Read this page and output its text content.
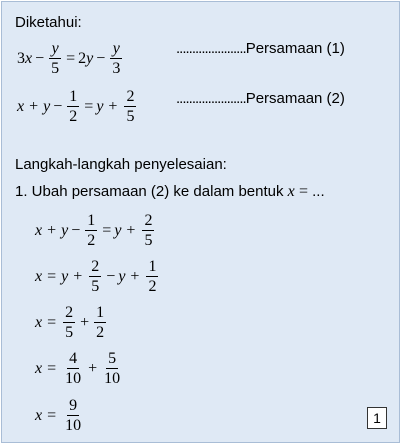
Diketahui:
3 $x - \frac{y}{5} = 2$ $y - \frac{y}{3}$	......................Persamaan (1)
$x + y - \frac{1}{2} = y + \frac{2}{5}$	......................Persamaan (2)
Langkah-langkah penyelesaian:
1. Ubah persamaan (2) ke dalam bentuk x = ...
$x + y - \frac{1}{2} = y + \frac{2}{5}$
$x = y + \frac{2}{5} - y + \frac{1}{2}$
$x = \frac{2}{5} + \frac{1}{2}$
$x = \frac{4}{10} + \frac{5}{10}$
$x = \frac{9}{10}$	1
